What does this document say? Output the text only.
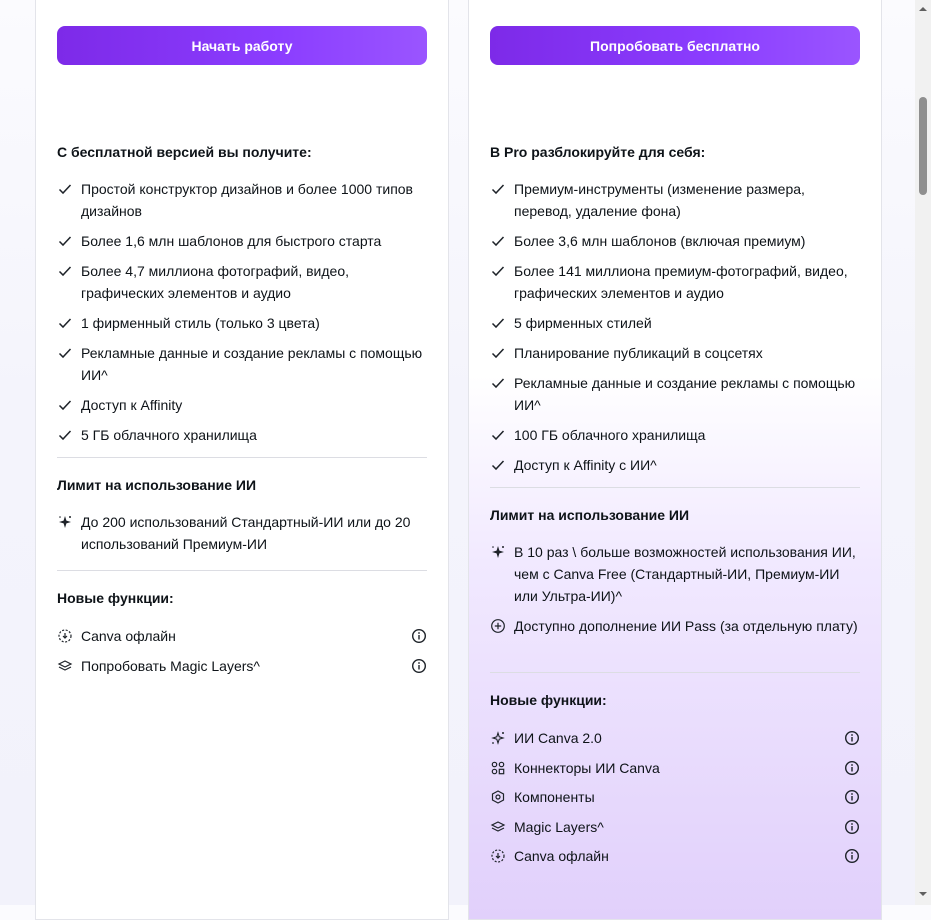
Начать работу
С бесплатной версией вы получите:
Простой конструктор дизайнов и более 1000 типов дизайнов
Более 1,6 млн шаблонов для быстрого старта
Более 4,7 миллиона фотографий, видео, графических элементов и аудио
1 фирменный стиль (только 3 цвета)
Рекламные данные и создание рекламы с помощью ИИ^
Доступ к Affinity
5 ГБ облачного хранилища
Лимит на использование ИИ
До 200 использований Стандартный-ИИ или до 20 использований Премиум-ИИ
Новые функции:
Canva офлайн
Попробовать Magic Layers^
Попробовать бесплатно
В Pro разблокируйте для себя:
Премиум-инструменты (изменение размера, перевод, удаление фона)
Более 3,6 млн шаблонов (включая премиум)
Более 141 миллиона премиум-фотографий, видео, графических элементов и аудио
5 фирменных стилей
Планирование публикаций в соцсетях
Рекламные данные и создание рекламы с помощью ИИ^
100 ГБ облачного хранилища
Доступ к Affinity с ИИ^
Лимит на использование ИИ
В 10 раз \ больше возможностей использования ИИ, чем с Canva Free (Стандартный-ИИ, Премиум-ИИ или Ультра-ИИ)^
Доступно дополнение ИИ Pass (за отдельную плату)
Новые функции:
ИИ Canva 2.0
Коннекторы ИИ Canva
Компоненты
Magic Layers^
Canva офлайн
